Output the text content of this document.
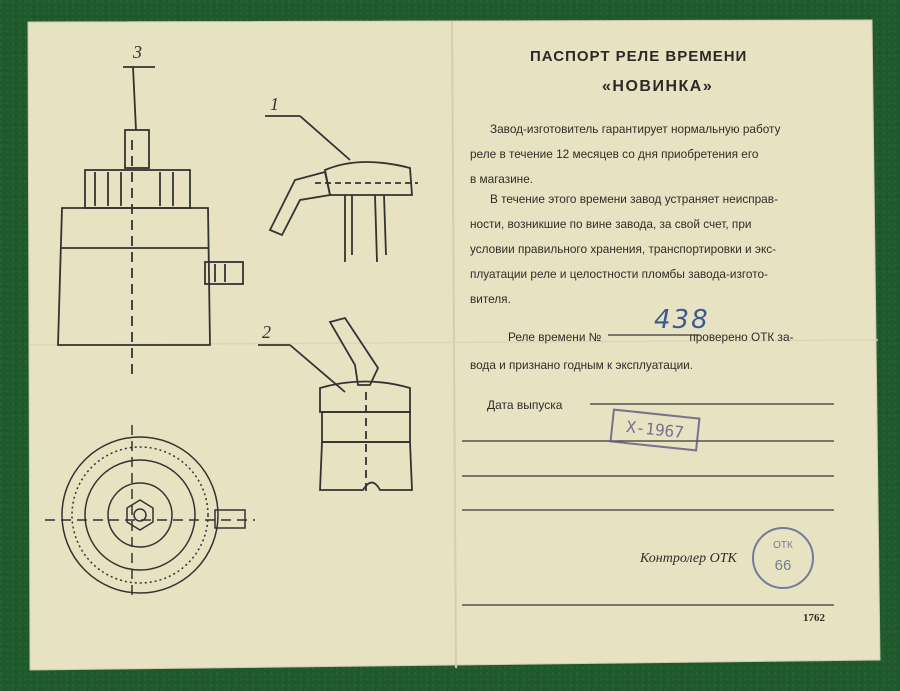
3
1
2
ПАСПОРТ РЕЛЕ ВРЕМЕНИ
«НОВИНКА»
Завод-изготовитель гарантирует нормальную работу
реле в течение 12 месяцев со дня приобретения его
в магазине.
В течение этого времени завод устраняет неисправ-
ности, возникшие по вине завода, за свой счет, при
условии правильного хранения, транспортировки и экс-
плуатации реле и целостности пломбы завода-изгото-
вителя.
Реле времени №	проверено ОТК за-
вода и признано годным к эксплуатации.
438
Дата выпуска
X-1967
Контролер ОТК
ОТК
66
1762
